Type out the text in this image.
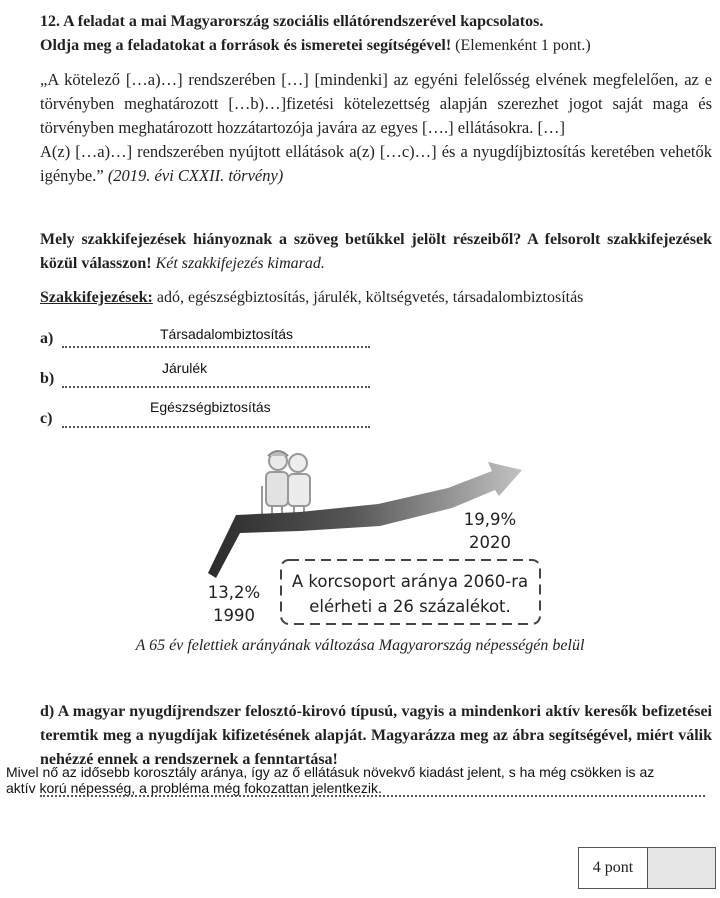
12. A feladat a mai Magyarország szociális ellátórendszerével kapcsolatos.
Oldja meg a feladatokat a források és ismeretei segítségével! (Elemenként 1 pont.)
„A kötelező […a)…] rendszerében […] [mindenki] az egyéni felelősség elvének megfelelően, az e törvényben meghatározott […b)…]fizetési kötelezettség alapján szerezhet jogot saját maga és törvényben meghatározott hozzátartozója javára az egyes [….] ellátásokra. […]
A(z) […a)…] rendszerében nyújtott ellátások a(z) […c)…] és a nyugdíjbiztosítás keretében vehetők igénybe.” (2019. évi CXXII. törvény)
Mely szakkifejezések hiányoznak a szöveg betűkkel jelölt részeiből? A felsorolt szakkifejezések közül válasszon! Két szakkifejezés kimarad.
Szakkifejezések: adó, egészségbiztosítás, járulék, költségvetés, társadalombiztosítás
a)	Társadalombiztosítás
b)
Járulék
c)
Egészségbiztosítás
A korcsoport aránya 2060-ra
elérheti a 26 százalékot.
19,9%
2020
13,2%
1990
A 65 év felettiek arányának változása Magyarország népességén belül
d) A magyar nyugdíjrendszer felosztó-kirovó típusú, vagyis a mindenkori aktív keresők befizetései teremtik meg a nyugdíjak kifizetésének alapját. Magyarázza meg az ábra segítségével, miért válik nehézzé ennek a rendszernek a fenntartása!
Mivel nő az idősebb korosztály aránya, így az ő ellátásuk növekvő kiadást jelent, s ha még csökken is az
aktív korú népesség, a probléma még fokozattan jelentkezik.
4 pont
